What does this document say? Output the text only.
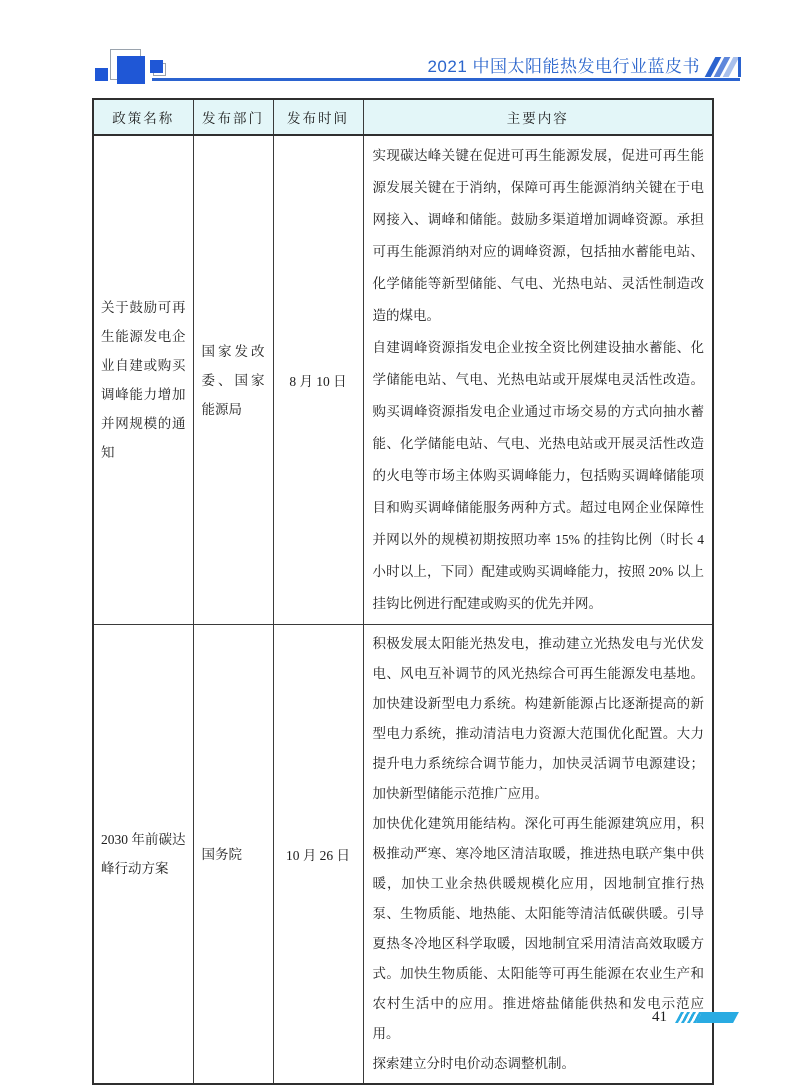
2021 中国太阳能热发电行业蓝皮书
政策名称	发布部门	发布时间	主要内容
关于鼓励可再生能源发电企业自建或购买调峰能力增加并网规模的通知	国家发改委、国家能源局	8 月 10 日	实现碳达峰关键在促进可再生能源发展，促进可再生能源发展关键在于消纳，保障可再生能源消纳关键在于电网接入、调峰和储能。鼓励多渠道增加调峰资源。承担可再生能源消纳对应的调峰资源，包括抽水蓄能电站、化学储能等新型储能、气电、光热电站、灵活性制造改造的煤电。

自建调峰资源指发电企业按全资比例建设抽水蓄能、化学储能电站、气电、光热电站或开展煤电灵活性改造。购买调峰资源指发电企业通过市场交易的方式向抽水蓄能、化学储能电站、气电、光热电站或开展灵活性改造的火电等市场主体购买调峰能力，包括购买调峰储能项目和购买调峰储能服务两种方式。超过电网企业保障性并网以外的规模初期按照功率 15% 的挂钩比例（时长 4 小时以上，下同）配建或购买调峰能力，按照 20% 以上挂钩比例进行配建或购买的优先并网。

2030 年前碳达峰行动方案	国务院	10 月 26 日	积极发展太阳能光热发电，推动建立光热发电与光伏发电、风电互补调节的风光热综合可再生能源发电基地。加快建设新型电力系统。构建新能源占比逐渐提高的新型电力系统，推动清洁电力资源大范围优化配置。大力提升电力系统综合调节能力，加快灵活调节电源建设；加快新型储能示范推广应用。

加快优化建筑用能结构。深化可再生能源建筑应用，积极推动严寒、寒冷地区清洁取暖，推进热电联产集中供暖，加快工业余热供暖规模化应用，因地制宜推行热泵、生物质能、地热能、太阳能等清洁低碳供暖。引导夏热冬冷地区科学取暖，因地制宜采用清洁高效取暖方式。加快生物质能、太阳能等可再生能源在农业生产和农村生活中的应用。推进熔盐储能供热和发电示范应用。

探索建立分时电价动态调整机制。

41
